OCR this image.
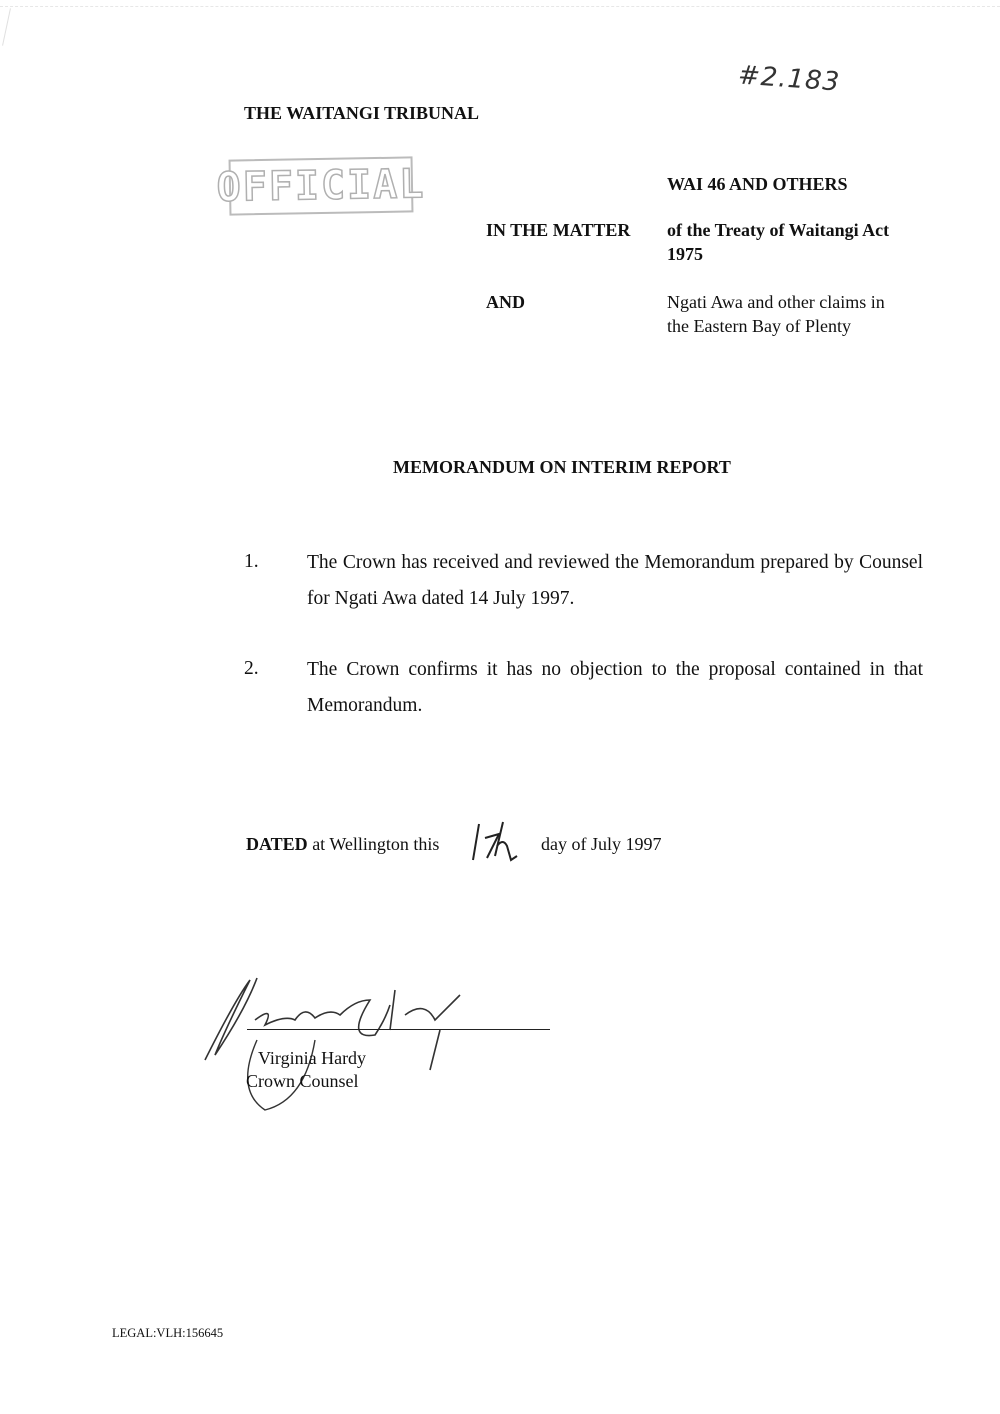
#2.183
THE WAITANGI TRIBUNAL
OFFICIAL	WAI 46 AND OTHERS
IN THE MATTER of the Treaty of Waitangi Act
1975
AND	Ngati Awa and other claims in
the Eastern Bay of Plenty
MEMORANDUM ON INTERIM REPORT
1. The Crown has received and reviewed the Memorandum prepared by Counsel for Ngati Awa dated 14 July 1997.
2. The Crown confirms it has no objection to the proposal contained in that Memorandum.
DATED at Wellington this	day of July 1997
Virginia Hardy
Crown Counsel
LEGAL:VLH:156645
